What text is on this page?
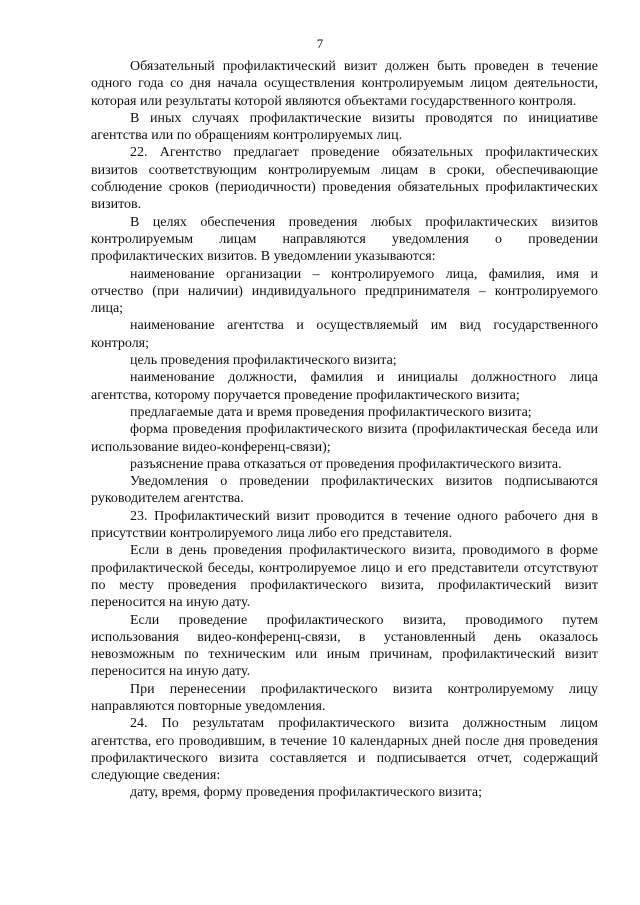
7

Обязательный профилактический визит должен быть проведен в течение одного года со дня начала осуществления контролируемым лицом деятельности, которая или результаты которой являются объектами государственного контроля.

В иных случаях профилактические визиты проводятся по инициативе агентства или по обращениям контролируемых лиц.

22. Агентство предлагает проведение обязательных профилактических визитов соответствующим контролируемым лицам в сроки, обеспечивающие соблюдение сроков (периодичности) проведения обязательных профилактических визитов.

В целях обеспечения проведения любых профилактических визитов контролируемым лицам направляются уведомления о проведении профилактических визитов. В уведомлении указываются:

наименование организации – контролируемого лица, фамилия, имя и отчество (при наличии) индивидуального предпринимателя – контролируемого лица;

наименование агентства и осуществляемый им вид государственного контроля;

цель проведения профилактического визита;

наименование должности, фамилия и инициалы должностного лица агентства, которому поручается проведение профилактического визита;

предлагаемые дата и время проведения профилактического визита;

форма проведения профилактического визита (профилактическая беседа или использование видео-конференц-связи);

разъяснение права отказаться от проведения профилактического визита.

Уведомления о проведении профилактических визитов подписываются руководителем агентства.

23. Профилактический визит проводится в течение одного рабочего дня в присутствии контролируемого лица либо его представителя.

Если в день проведения профилактического визита, проводимого в форме профилактической беседы, контролируемое лицо и его представители отсутствуют по месту проведения профилактического визита, профилактический визит переносится на иную дату.

Если проведение профилактического визита, проводимого путем использования видео-конференц-связи, в установленный день оказалось невозможным по техническим или иным причинам, профилактический визит переносится на иную дату.

При перенесении профилактического визита контролируемому лицу направляются повторные уведомления.

24. По результатам профилактического визита должностным лицом агентства, его проводившим, в течение 10 календарных дней после дня проведения профилактического визита составляется и подписывается отчет, содержащий следующие сведения:

дату, время, форму проведения профилактического визита;
